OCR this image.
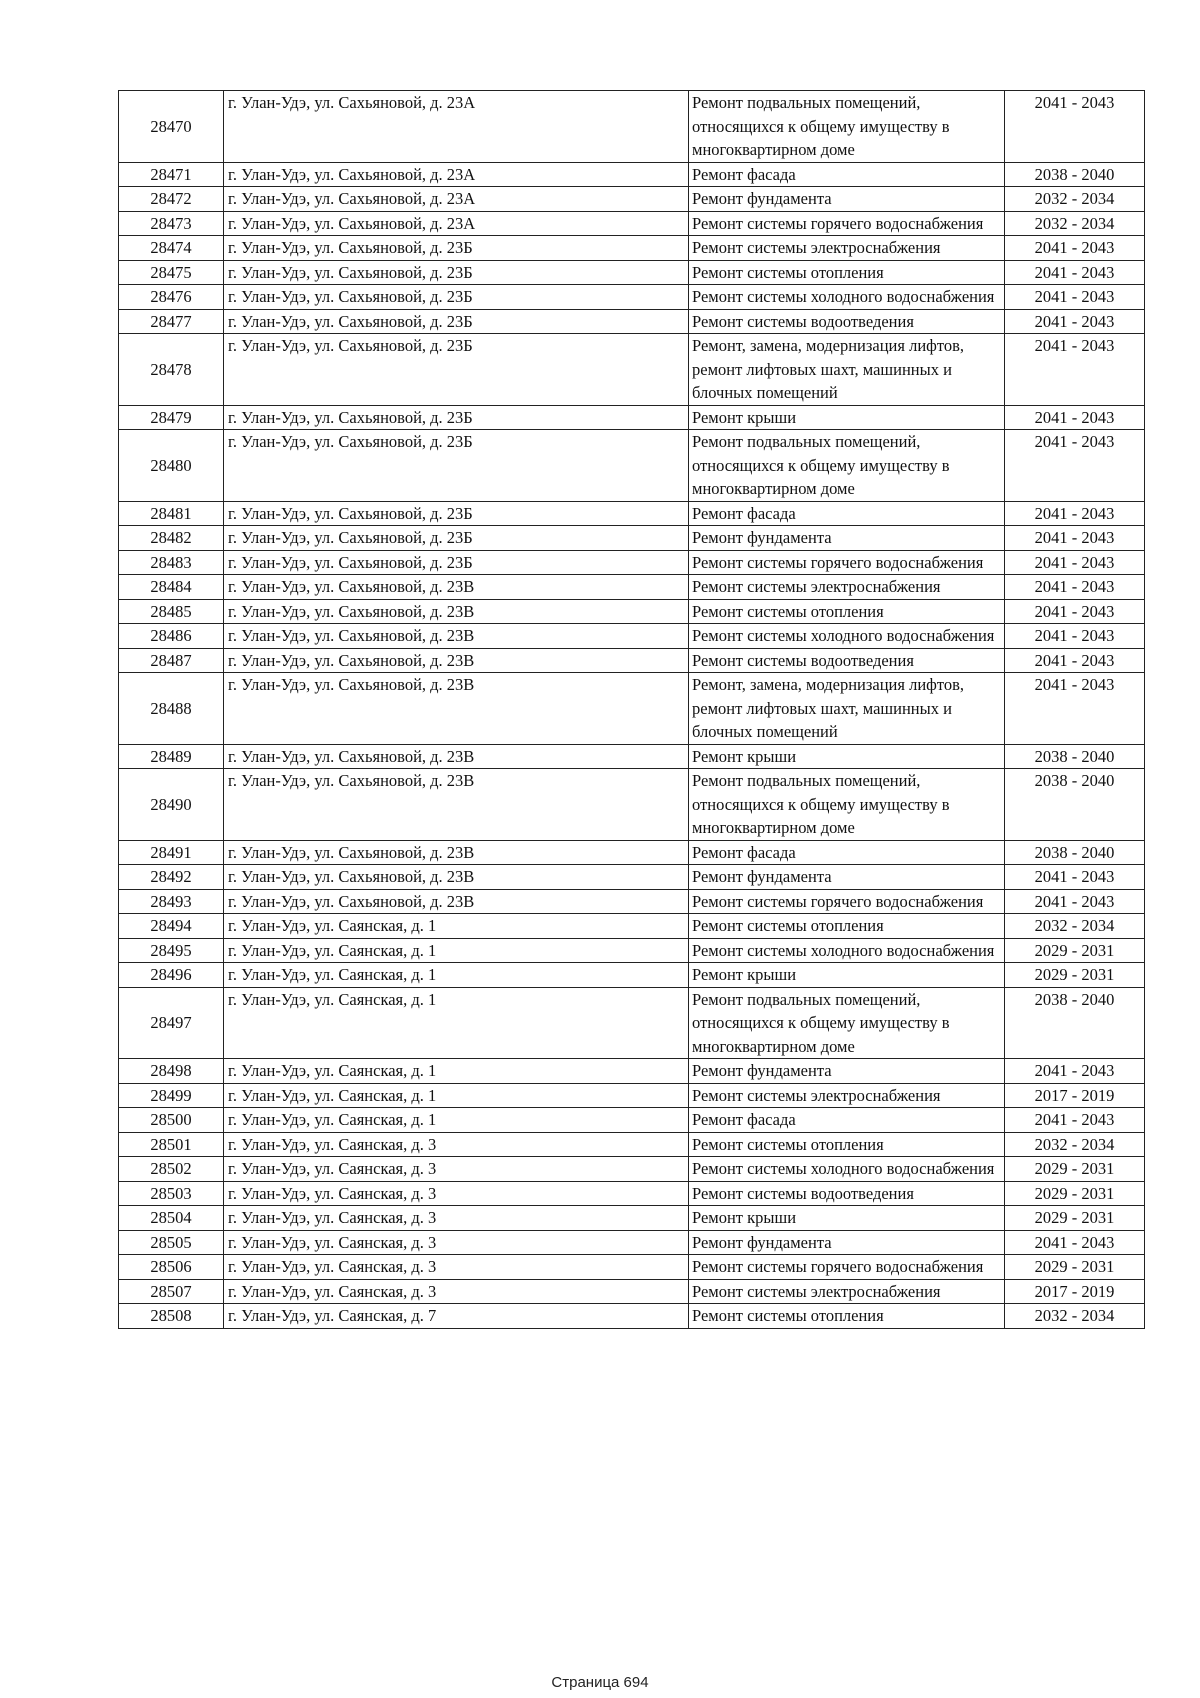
28470	г. Улан-Удэ, ул. Сахьяновой, д. 23А	Ремонт подвальных помещений, относящихся к общему имуществу в многоквартирном доме	2041 - 2043
28471	г. Улан-Удэ, ул. Сахьяновой, д. 23А	Ремонт фасада	2038 - 2040
28472	г. Улан-Удэ, ул. Сахьяновой, д. 23А	Ремонт фундамента	2032 - 2034
28473	г. Улан-Удэ, ул. Сахьяновой, д. 23А	Ремонт системы горячего водоснабжения	2032 - 2034
28474	г. Улан-Удэ, ул. Сахьяновой, д. 23Б	Ремонт системы электроснабжения	2041 - 2043
28475	г. Улан-Удэ, ул. Сахьяновой, д. 23Б	Ремонт системы отопления	2041 - 2043
28476	г. Улан-Удэ, ул. Сахьяновой, д. 23Б	Ремонт системы холодного водоснабжения	2041 - 2043
28477	г. Улан-Удэ, ул. Сахьяновой, д. 23Б	Ремонт системы водоотведения	2041 - 2043
28478	г. Улан-Удэ, ул. Сахьяновой, д. 23Б	Ремонт, замена, модернизация лифтов, ремонт лифтовых шахт, машинных и блочных помещений	2041 - 2043
28479	г. Улан-Удэ, ул. Сахьяновой, д. 23Б	Ремонт крыши	2041 - 2043
28480	г. Улан-Удэ, ул. Сахьяновой, д. 23Б	Ремонт подвальных помещений, относящихся к общему имуществу в многоквартирном доме	2041 - 2043
28481	г. Улан-Удэ, ул. Сахьяновой, д. 23Б	Ремонт фасада	2041 - 2043
28482	г. Улан-Удэ, ул. Сахьяновой, д. 23Б	Ремонт фундамента	2041 - 2043
28483	г. Улан-Удэ, ул. Сахьяновой, д. 23Б	Ремонт системы горячего водоснабжения	2041 - 2043
28484	г. Улан-Удэ, ул. Сахьяновой, д. 23В	Ремонт системы электроснабжения	2041 - 2043
28485	г. Улан-Удэ, ул. Сахьяновой, д. 23В	Ремонт системы отопления	2041 - 2043
28486	г. Улан-Удэ, ул. Сахьяновой, д. 23В	Ремонт системы холодного водоснабжения	2041 - 2043
28487	г. Улан-Удэ, ул. Сахьяновой, д. 23В	Ремонт системы водоотведения	2041 - 2043
28488	г. Улан-Удэ, ул. Сахьяновой, д. 23В	Ремонт, замена, модернизация лифтов, ремонт лифтовых шахт, машинных и блочных помещений	2041 - 2043
28489	г. Улан-Удэ, ул. Сахьяновой, д. 23В	Ремонт крыши	2038 - 2040
28490	г. Улан-Удэ, ул. Сахьяновой, д. 23В	Ремонт подвальных помещений, относящихся к общему имуществу в многоквартирном доме	2038 - 2040
28491	г. Улан-Удэ, ул. Сахьяновой, д. 23В	Ремонт фасада	2038 - 2040
28492	г. Улан-Удэ, ул. Сахьяновой, д. 23В	Ремонт фундамента	2041 - 2043
28493	г. Улан-Удэ, ул. Сахьяновой, д. 23В	Ремонт системы горячего водоснабжения	2041 - 2043
28494	г. Улан-Удэ, ул. Саянская, д. 1	Ремонт системы отопления	2032 - 2034
28495	г. Улан-Удэ, ул. Саянская, д. 1	Ремонт системы холодного водоснабжения	2029 - 2031
28496	г. Улан-Удэ, ул. Саянская, д. 1	Ремонт крыши	2029 - 2031
28497	г. Улан-Удэ, ул. Саянская, д. 1	Ремонт подвальных помещений, относящихся к общему имуществу в многоквартирном доме	2038 - 2040
28498	г. Улан-Удэ, ул. Саянская, д. 1	Ремонт фундамента	2041 - 2043
28499	г. Улан-Удэ, ул. Саянская, д. 1	Ремонт системы электроснабжения	2017 - 2019
28500	г. Улан-Удэ, ул. Саянская, д. 1	Ремонт фасада	2041 - 2043
28501	г. Улан-Удэ, ул. Саянская, д. 3	Ремонт системы отопления	2032 - 2034
28502	г. Улан-Удэ, ул. Саянская, д. 3	Ремонт системы холодного водоснабжения	2029 - 2031
28503	г. Улан-Удэ, ул. Саянская, д. 3	Ремонт системы водоотведения	2029 - 2031
28504	г. Улан-Удэ, ул. Саянская, д. 3	Ремонт крыши	2029 - 2031
28505	г. Улан-Удэ, ул. Саянская, д. 3	Ремонт фундамента	2041 - 2043
28506	г. Улан-Удэ, ул. Саянская, д. 3	Ремонт системы горячего водоснабжения	2029 - 2031
28507	г. Улан-Удэ, ул. Саянская, д. 3	Ремонт системы электроснабжения	2017 - 2019
28508	г. Улан-Удэ, ул. Саянская, д. 7	Ремонт системы отопления	2032 - 2034
Страница 694
